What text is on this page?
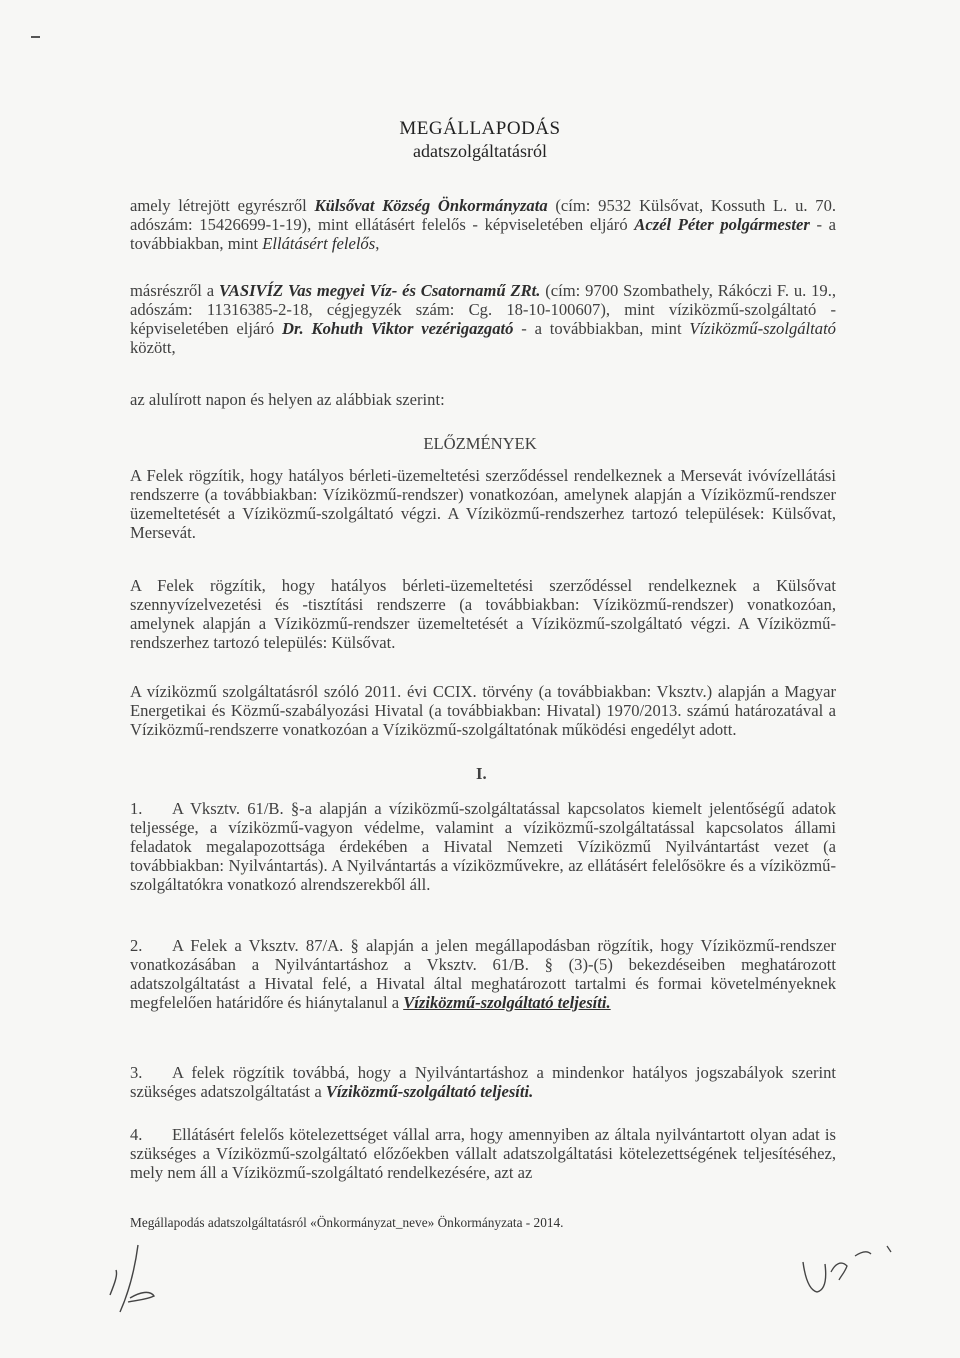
MEGÁLLAPODÁS
adatszolgáltatásról
amely létrejött egyrészről Külsővat Község Önkormányzata (cím: 9532 Külsővat, Kossuth L. u. 70. adószám: 15426699-1-19), mint ellátásért felelős - képviseletében eljáró Aczél Péter polgármester - a továbbiakban, mint Ellátásért felelős,
másrészről a VASIVÍZ Vas megyei Víz- és Csatornamű ZRt. (cím: 9700 Szombathely, Rákóczi F. u. 19., adószám: 11316385-2-18, cégjegyzék szám: Cg. 18-10-100607), mint víziközmű-szolgáltató - képviseletében eljáró Dr. Kohuth Viktor vezérigazgató - a továbbiakban, mint Víziközmű-szolgáltató között,
az alulírott napon és helyen az alábbiak szerint:
ELŐZMÉNYEK
A Felek rögzítik, hogy hatályos bérleti-üzemeltetési szerződéssel rendelkeznek a Mersevát ivóvízellátási rendszerre (a továbbiakban: Víziközmű-rendszer) vonatkozóan, amelynek alapján a Víziközmű-rendszer üzemeltetését a Víziközmű-szolgáltató végzi. A Víziközmű-rendszerhez tartozó települések: Külsővat, Mersevát.
A Felek rögzítik, hogy hatályos bérleti-üzemeltetési szerződéssel rendelkeznek a Külsővat szennyvízelvezetési és -tisztítási rendszerre (a továbbiakban: Víziközmű-rendszer) vonatkozóan, amelynek alapján a Víziközmű-rendszer üzemeltetését a Víziközmű-szolgáltató végzi. A Víziközmű-rendszerhez tartozó település: Külsővat.
A víziközmű szolgáltatásról szóló 2011. évi CCIX. törvény (a továbbiakban: Vksztv.) alapján a Magyar Energetikai és Közmű-szabályozási Hivatal (a továbbiakban: Hivatal) 1970/2013. számú határozatával a Víziközmű-rendszerre vonatkozóan a Víziközmű-szolgáltatónak működési engedélyt adott.
I.
1. A Vksztv. 61/B. §-a alapján a víziközmű-szolgáltatással kapcsolatos kiemelt jelentőségű adatok teljessége, a víziközmű-vagyon védelme, valamint a víziközmű-szolgáltatással kapcsolatos állami feladatok megalapozottsága érdekében a Hivatal Nemzeti Víziközmű Nyilvántartást vezet (a továbbiakban: Nyilvántartás). A Nyilvántartás a víziközművekre, az ellátásért felelősökre és a víziközmű-szolgáltatókra vonatkozó alrendszerekből áll.
2. A Felek a Vksztv. 87/A. § alapján a jelen megállapodásban rögzítik, hogy Víziközmű-rendszer vonatkozásában a Nyilvántartáshoz a Vksztv. 61/B. § (3)-(5) bekezdéseiben meghatározott adatszolgáltatást a Hivatal felé, a Hivatal által meghatározott tartalmi és formai követelményeknek megfelelően határidőre és hiánytalanul a Víziközmű-szolgáltató teljesíti.
3. A felek rögzítik továbbá, hogy a Nyilvántartáshoz a mindenkor hatályos jogszabályok szerint szükséges adatszolgáltatást a Víziközmű-szolgáltató teljesíti.
4. Ellátásért felelős kötelezettséget vállal arra, hogy amennyiben az általa nyilvántartott olyan adat is szükséges a Víziközmű-szolgáltató előzőekben vállalt adatszolgáltatási kötelezettségének teljesítéséhez, mely nem áll a Víziközmű-szolgáltató rendelkezésére, azt az
Megállapodás adatszolgáltatásról «Önkormányzat_neve» Önkormányzata - 2014.
